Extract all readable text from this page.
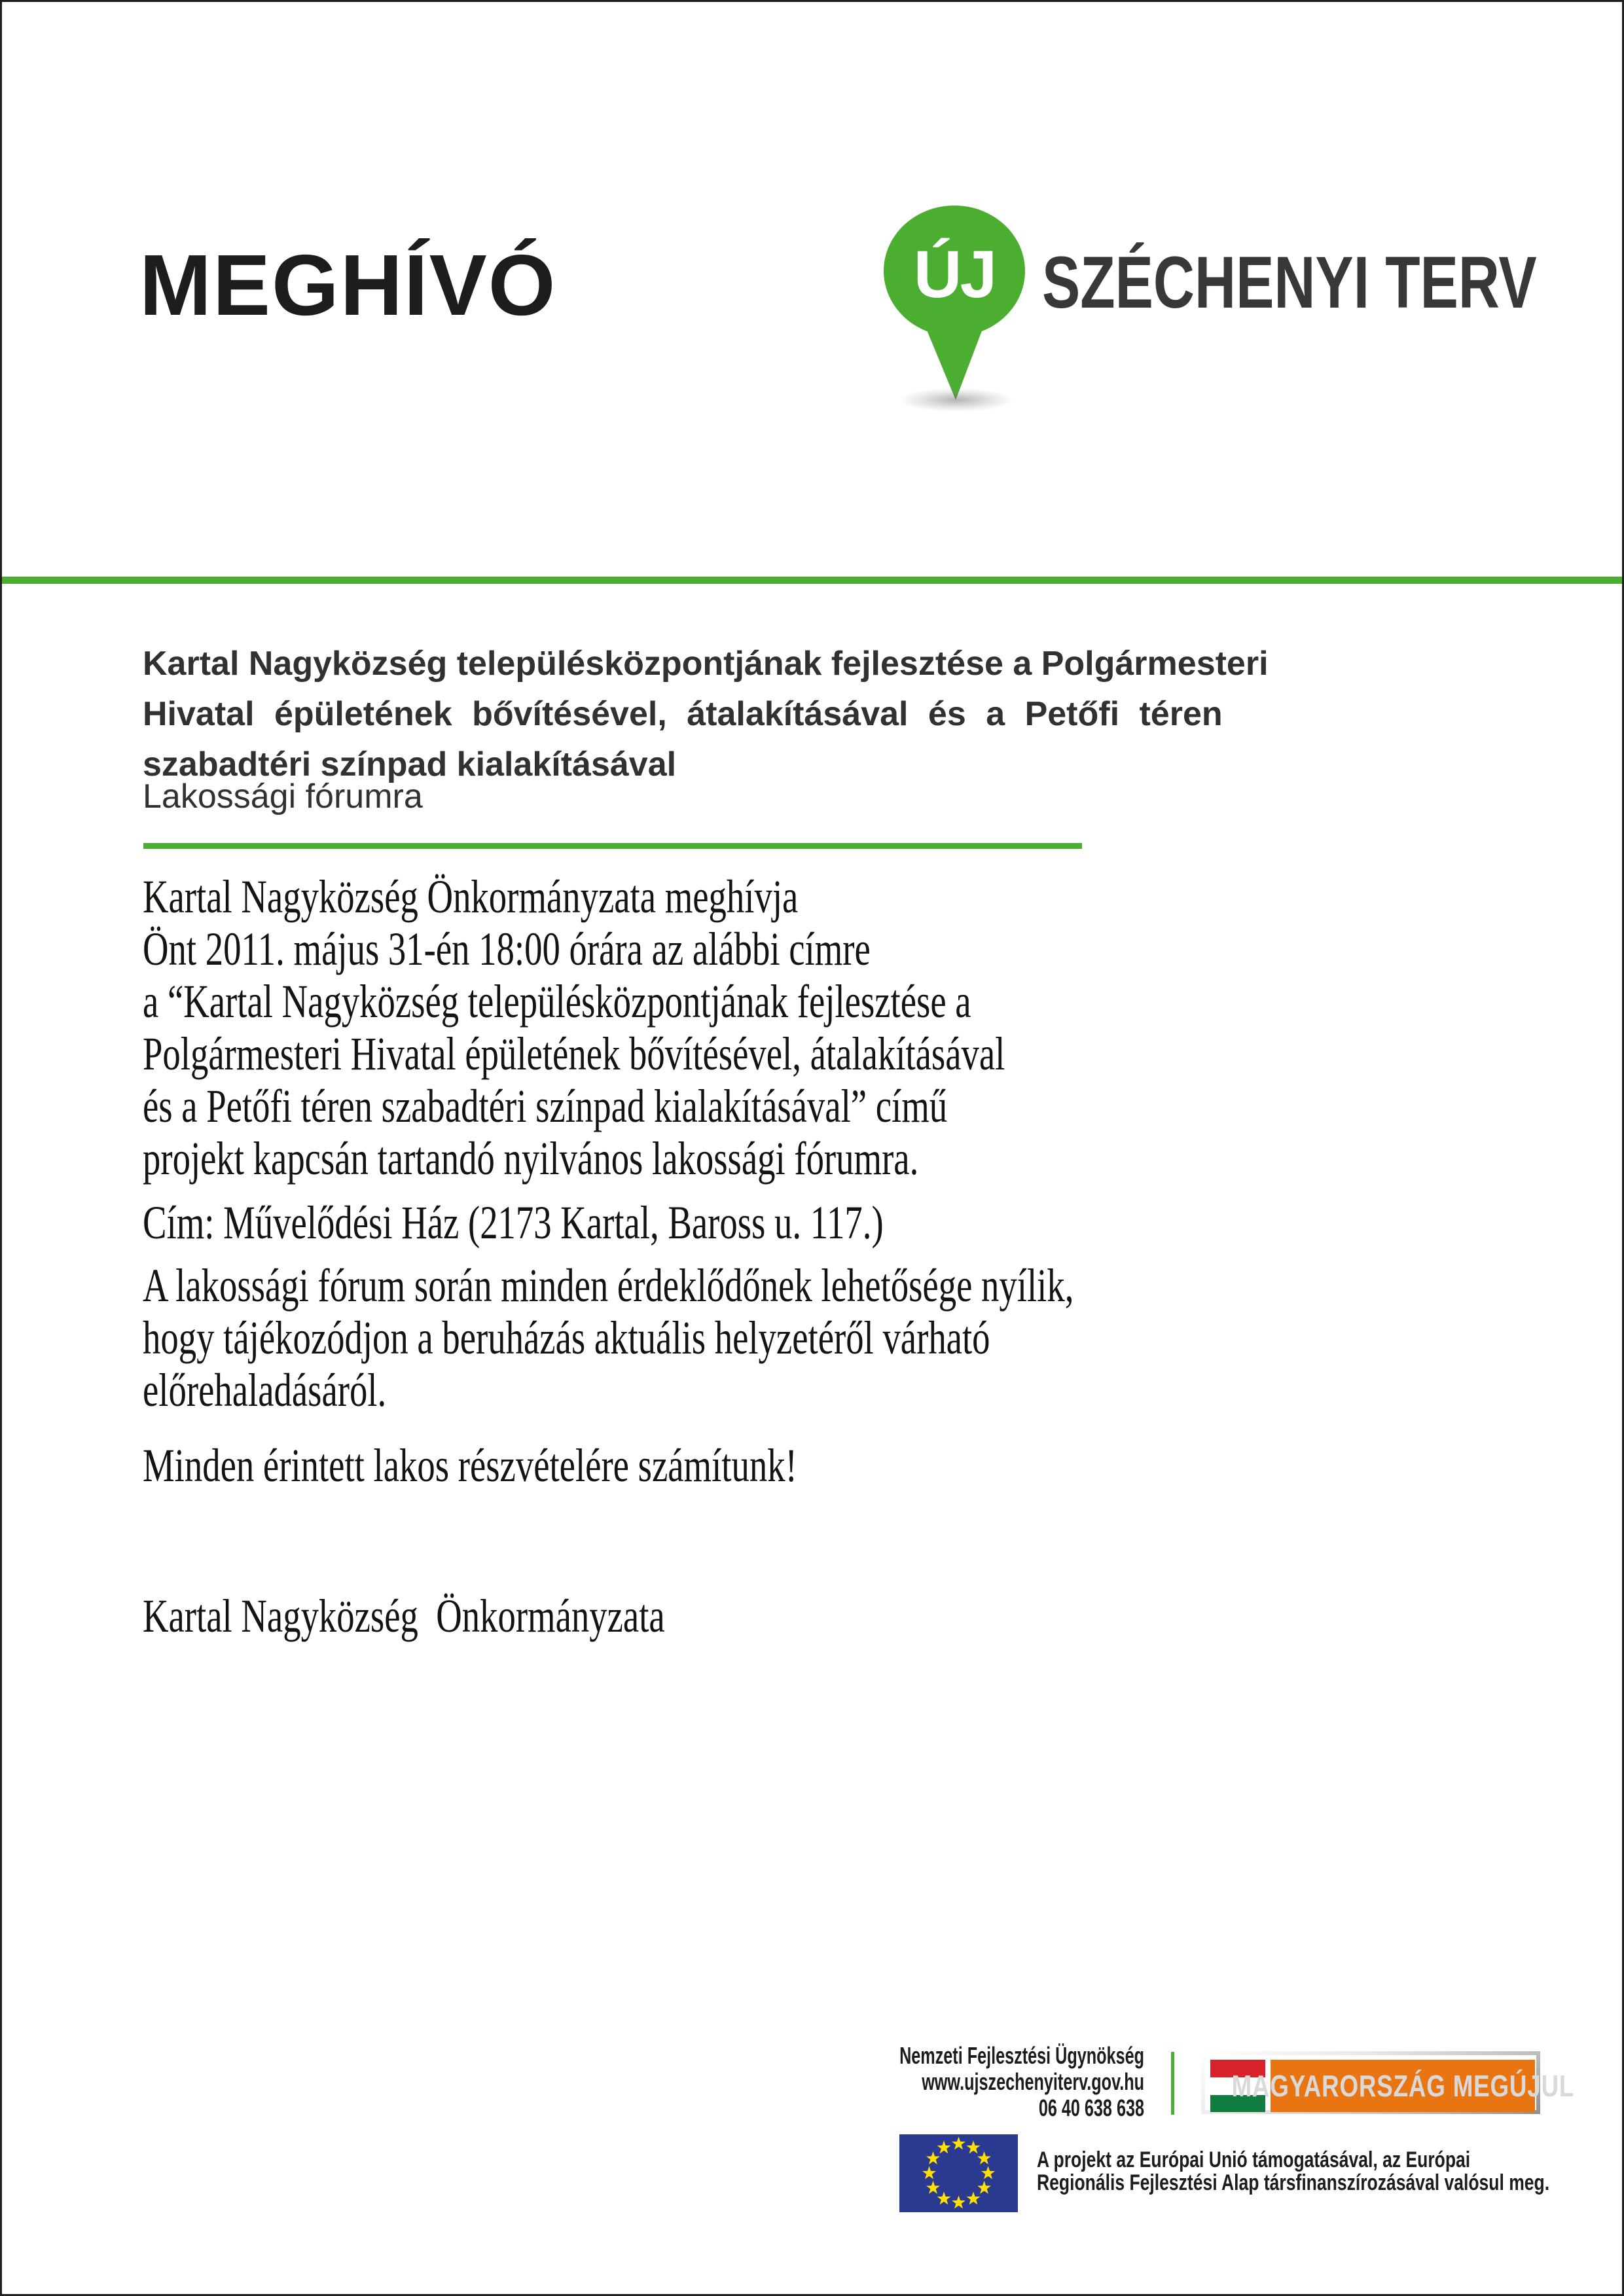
MEGHÍVÓ	ÚJ SZÉCHENYI TERV
Kartal Nagyközség településközpontjának fejlesztése a Polgármesteri
Hivatal épületének bővítésével, átalakításával és a Petőfi téren
szabadtéri színpad kialakításával
Lakossági fórumra
Kartal Nagyközség Önkormányzata meghívja
Önt 2011. május 31-én 18:00 órára az alábbi címre
a “Kartal Nagyközség településközpontjának fejlesztése a
Polgármesteri Hivatal épületének bővítésével, átalakításával
és a Petőfi téren szabadtéri színpad kialakításával” című
projekt kapcsán tartandó nyilvános lakossági fórumra.
Cím: Művelődési Ház (2173 Kartal, Baross u. 117.)
A lakossági fórum során minden érdeklődőnek lehetősége nyílik,
hogy tájékozódjon a beruházás aktuális helyzetéről várható
előrehaladásáról.
Minden érintett lakos részvételére számítunk!
Kartal Nagyközség  Önkormányzata
Nemzeti Fejlesztési Ügynökség
www.ujszechenyiterv.gov.hu
06 40 638 638
MAGYARORSZÁG MEGÚJUL
A projekt az Európai Unió támogatásával, az Európai
Regionális Fejlesztési Alap társfinanszírozásával valósul meg.
